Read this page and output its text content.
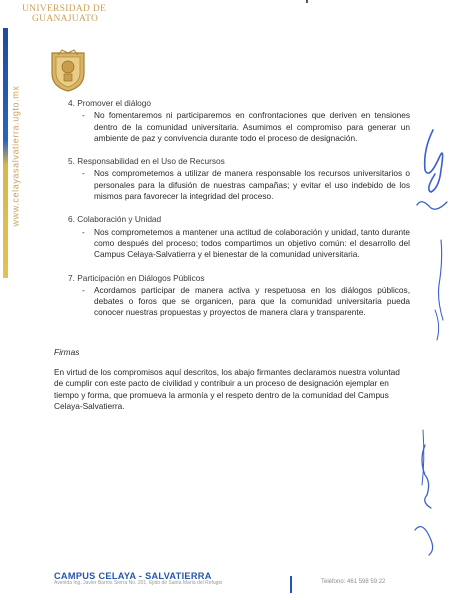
UNIVERSIDAD DE
GUANAJUATO
www.celayasalvatierra.ugto.mx	4. Promover el diálogo
- No fomentaremos ni participaremos en confrontaciones que deriven en tensiones dentro de la comunidad universitaria. Asumimos el compromiso para generar un ambiente de paz y convivencia durante todo el proceso de designación.
5. Responsabilidad en el Uso de Recursos
- Nos comprometemos a utilizar de manera responsable los recursos universitarios o personales para la difusión de nuestras campañas; y evitar el uso indebido de los mismos para favorecer la integridad del proceso.
6. Colaboración y Unidad
- Nos comprometemos a mantener una actitud de colaboración y unidad, tanto durante como después del proceso; todos compartimos un objetivo común: el desarrollo del Campus Celaya-Salvatierra y el bienestar de la comunidad universitaria.
7. Participación en Diálogos Públicos
- Acordamos participar de manera activa y respetuosa en los diálogos públicos, debates o foros que se organicen, para que la comunidad universitaria pueda conocer nuestras propuestas y proyectos de manera clara y transparente.
Firmas
En virtud de los compromisos aquí descritos, los abajo firmantes declaramos nuestra voluntad de cumplir con este pacto de civilidad y contribuir a un proceso de designación ejemplar en tiempo y forma, que promueva la armonía y el respeto dentro de la comunidad del Campus Celaya-Salvatierra.
CAMPUS CELAYA - SALVATIERRA
Avenida Ing. Javier Barros Sierra No. 201, Ejido de Santa María del Refugio	Teléfono: 461 598 59 22
